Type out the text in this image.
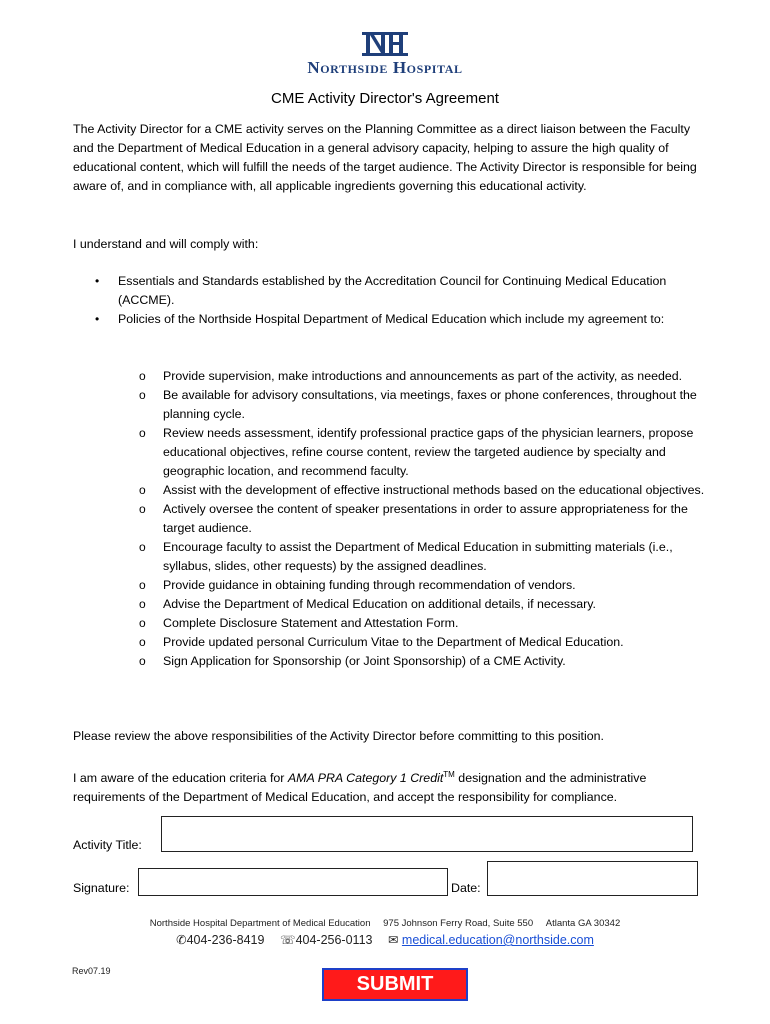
Northside Hospital
CME Activity Director's Agreement

The Activity Director for a CME activity serves on the Planning Committee as a direct liaison between the Faculty and the Department of Medical Education in a general advisory capacity, helping to assure the high quality of educational content, which will fulfill the needs of the target audience. The Activity Director is responsible for being aware of, and in compliance with, all applicable ingredients governing this educational activity.

I understand and will comply with:

• Essentials and Standards established by the Accreditation Council for Continuing Medical Education (ACCME).
• Policies of the Northside Hospital Department of Medical Education which include my agreement to:
o Provide supervision, make introductions and announcements as part of the activity, as needed.
o Be available for advisory consultations, via meetings, faxes or phone conferences, throughout the planning cycle.
o Review needs assessment, identify professional practice gaps of the physician learners, propose educational objectives, refine course content, review the targeted audience by specialty and geographic location, and recommend faculty.
o Assist with the development of effective instructional methods based on the educational objectives.
o Actively oversee the content of speaker presentations in order to assure appropriateness for the target audience.
o Encourage faculty to assist the Department of Medical Education in submitting materials (i.e., syllabus, slides, other requests) by the assigned deadlines.
o Provide guidance in obtaining funding through recommendation of vendors.
o Advise the Department of Medical Education on additional details, if necessary.
o Complete Disclosure Statement and Attestation Form.
o Provide updated personal Curriculum Vitae to the Department of Medical Education.
o Sign Application for Sponsorship (or Joint Sponsorship) of a CME Activity.

Please review the above responsibilities of the Activity Director before committing to this position.

I am aware of the education criteria for AMA PRA Category 1 Credit™ designation and the administrative requirements of the Department of Medical Education, and accept the responsibility for compliance.

Activity Title:
Signature:	Date:
Northside Hospital Department of Medical Education 975 Johnson Ferry Road, Suite 550 Atlanta GA 30342
✆404-236-8419 ☏404-256-0113 ✉ medical.education@northside.com
Rev07.19
SUBMIT
